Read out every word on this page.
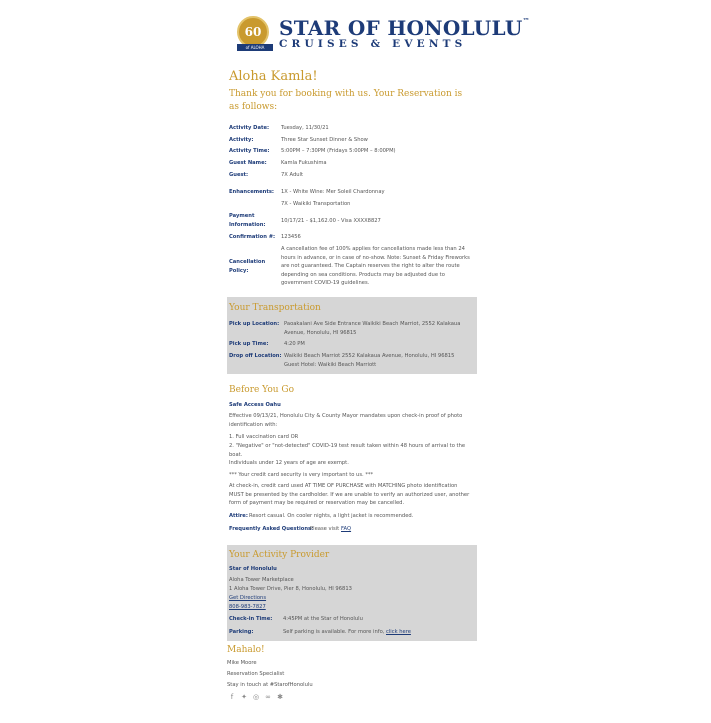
60
of ALOHA
STAR OF HONOLULU™
CRUISES & EVENTS
Aloha Kamla!
Thank you for booking with us. Your Reservation is as follows:
Activity Date:	Tuesday, 11/30/21
Activity:	Three Star Sunset Dinner & Show
Activity Time:	5:00PM – 7:30PM (Fridays 5:00PM – 8:00PM)
Guest Name:	Kamla Fukushima
Guest:	7X Adult
Enhancements:	1X - White Wine: Mer Soleil Chardonnay
7X - Waikiki Transportation
Payment Information:
10/17/21 - $1,162.00 - Visa XXXX8827
Confirmation #:	123456
Cancellation Policy:
A cancellation fee of 100% applies for cancellations made less than 24 hours in advance, or in case of no-show. Note: Sunset & Friday Fireworks are not guaranteed. The Captain reserves the right to alter the route depending on sea conditions. Products may be adjusted due to government COVID-19 guidelines.
Your Transportation
Pick up Location: Paoakalani Ave Side Entrance Waikiki Beach Marriot, 2552 Kalakaua Avenue, Honolulu, HI 96815
Pick up Time:	4:20 PM
Drop off Location: Waikiki Beach Marriot 2552 Kalakaua Avenue, Honolulu, HI 96815
Guest Hotel: Waikiki Beach Marriott
Before You Go
Safe Access Oahu
Effective 09/13/21, Honolulu City & County Mayor mandates upon check-in proof of photo identification with:
1. Full vaccination card OR
2. "Negative" or "not-detected" COVID-19 test result taken within 48 hours of arrival to the boat.
Individuals under 12 years of age are exempt.
*** Your credit card security is very important to us. ***
At check-in, credit card used AT TIME OF PURCHASE with MATCHING photo identification MUST be presented by the cardholder. If we are unable to verify an authorized user, another form of payment may be required or reservation may be cancelled.
Attire: Resort casual. On cooler nights, a light jacket is recommended.
Frequently Asked Questions:
Please visit FAQ
Your Activity Provider
Star of Honolulu
Aloha Tower Marketplace
1 Aloha Tower Drive, Pier 8, Honolulu, HI 96813
Get Directions
808-983-7827
Check-in Time: 4:45PM at the Star of Honolulu
Parking:	Self parking is available. For more info, click here
Mahalo!
Mike Moore
Reservation Specialist
Stay in touch at #StarofHonolulu
f	✦ ◎ ∞ ✱
